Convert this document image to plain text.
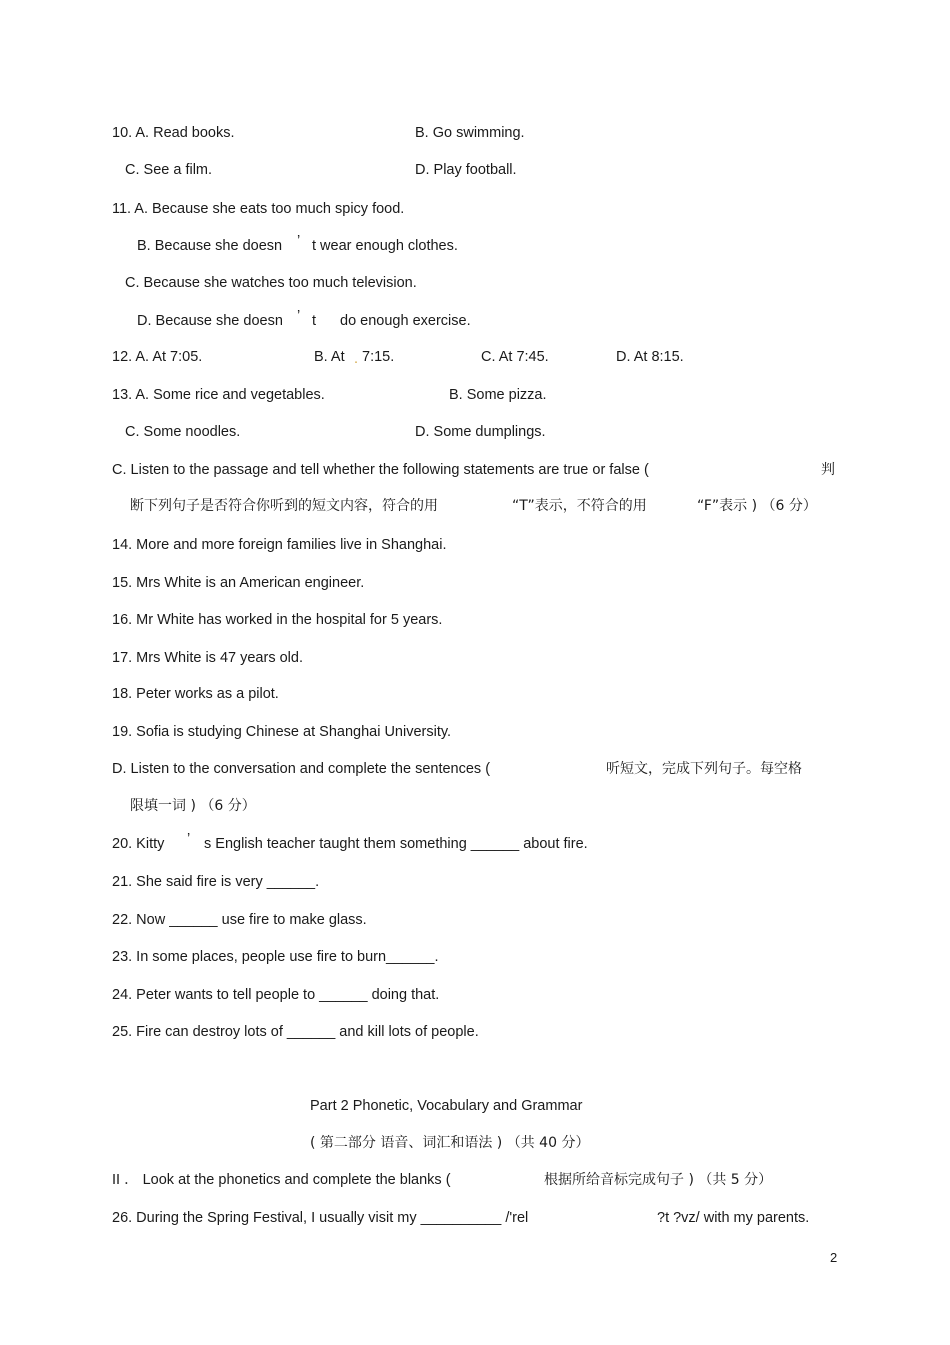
10. A. Read books.	B. Go swimming.
C. See a film.	D. Play football.
11. A. Because she eats too much spicy food.
B. Because she doesn ’ t wear enough clothes.
C. Because she watches too much television.
D. Because she doesn ’ t do enough exercise.
12. A. At 7:05.	B. At . 7:15.	C. At 7:45.	D. At 8:15.
13. A. Some rice and vegetables.	B. Some pizza.
C. Some noodles.	D. Some dumplings.
C. Listen to the passage and tell whether the following statements are true or false (	判
断下列句子是否符合你听到的短文内容，符合的用	“T”表示，不符合的用	“F”表示 ) （6 分）
14. More and more foreign families live in Shanghai.
15. Mrs White is an American engineer.
16. Mr White has worked in the hospital for 5 years.
17. Mrs White is 47 years old.
18. Peter works as a pilot.
19. Sofia is studying Chinese at Shanghai University.
D. Listen to the conversation and complete the sentences (	听短文，完成下列句子。每空格
限填一词 ) （6 分）
20. Kitty ’ s English teacher taught them something ______ about fire.
21. She said fire is very ______.
22. Now ______ use fire to make glass.
23. In some places, people use fire to burn______.
24. Peter wants to tell people to ______ doing that.
25. Fire can destroy lots of ______ and kill lots of people.
Part 2 Phonetic, Vocabulary and Grammar
( 第二部分 语音、词汇和语法 ) （共 40 分）
II ． Look at the phonetics and complete the blanks (	根据所给音标完成句子 ) （共 5 分）
26. During the Spring Festival, I usually visit my __________ /'rel	?t ?vz/ with my parents.
2
